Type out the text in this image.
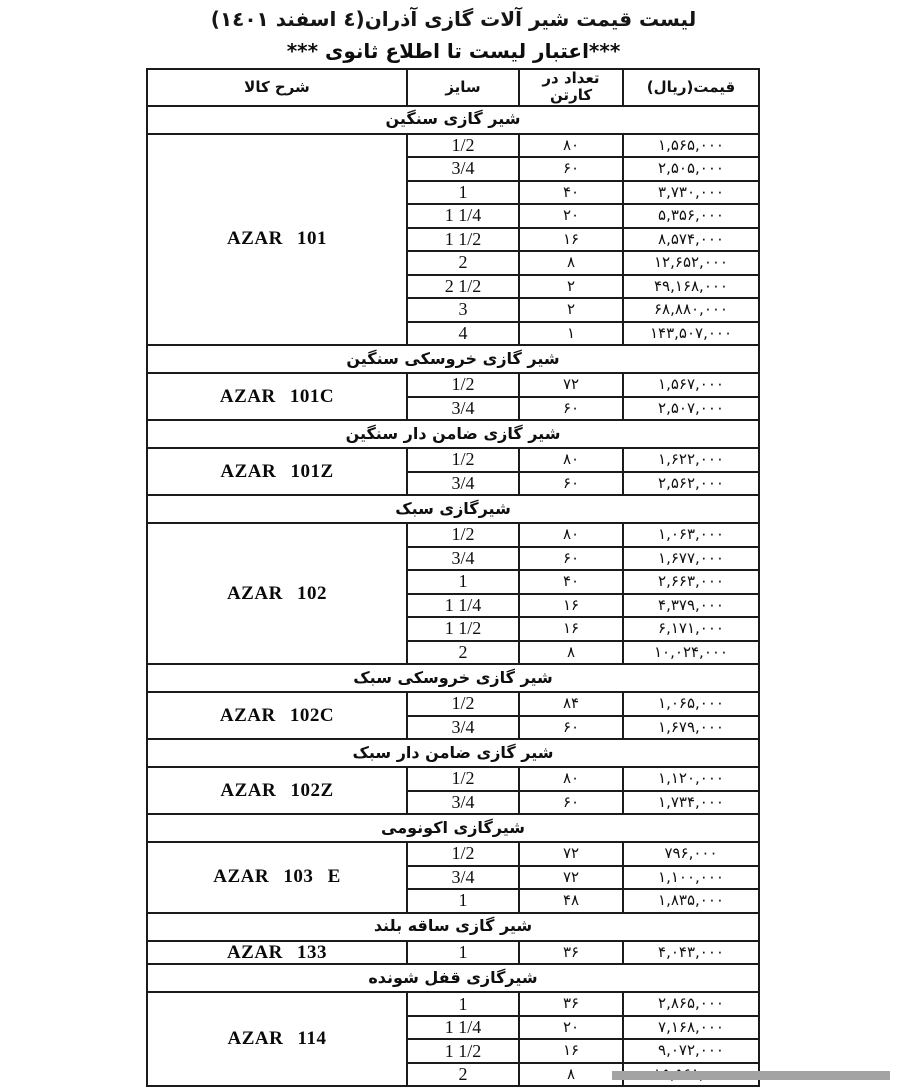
لیست قیمت شیر آلات گازی آذران(٤ اسفند ١٤٠١)
***اعتبار لیست تا اطلاع ثانوی ***
شرح کالا	سایز	تعداد در کارتن	قیمت(ریال)
شیر گازی سنگین			
AZAR 101	1/2	۸۰	۱,۵۶۵,۰۰۰
	3/4	۶۰	۲,۵۰۵,۰۰۰
	1	۴۰	۳,۷۳۰,۰۰۰
	1 1/4	۲۰	۵,۳۵۶,۰۰۰
	1 1/2	۱۶	۸,۵۷۴,۰۰۰
	2	۸	۱۲,۶۵۲,۰۰۰
	2 1/2	۲	۴۹,۱۶۸,۰۰۰
	3	۲	۶۸,۸۸۰,۰۰۰
	4	۱	۱۴۳,۵۰۷,۰۰۰
شیر گازی خروسکی سنگین			
AZAR 101C	1/2	۷۲	۱,۵۶۷,۰۰۰
	3/4	۶۰	۲,۵۰۷,۰۰۰
شیر گازی ضامن دار سنگین			
AZAR 101Z	1/2	۸۰	۱,۶۲۲,۰۰۰
	3/4	۶۰	۲,۵۶۲,۰۰۰
شیرگازی سبک			
AZAR 102	1/2	۸۰	۱,۰۶۳,۰۰۰
	3/4	۶۰	۱,۶۷۷,۰۰۰
	1	۴۰	۲,۶۶۳,۰۰۰
	1 1/4	۱۶	۴,۳۷۹,۰۰۰
	1 1/2	۱۶	۶,۱۷۱,۰۰۰
	2	۸	۱۰,۰۲۴,۰۰۰
شیر گازی خروسکی سبک			
AZAR 102C	1/2	۸۴	۱,۰۶۵,۰۰۰
	3/4	۶۰	۱,۶۷۹,۰۰۰
شیر گازی ضامن دار سبک			
AZAR 102Z	1/2	۸۰	۱,۱۲۰,۰۰۰
	3/4	۶۰	۱,۷۳۴,۰۰۰
شیرگازی اکونومی			
AZAR 103 E	1/2	۷۲	۷۹۶,۰۰۰
	3/4	۷۲	۱,۱۰۰,۰۰۰
	1	۴۸	۱,۸۳۵,۰۰۰
شیر گازی ساقه بلند			
AZAR 133	1	۳۶	۴,۰۴۳,۰۰۰
شیرگازی قفل شونده			
AZAR 114	1	۳۶	۲,۸۶۵,۰۰۰
	1 1/4	۲۰	۷,۱۶۸,۰۰۰
	1 1/2	۱۶	۹,۰۷۲,۰۰۰
	2	۸	
